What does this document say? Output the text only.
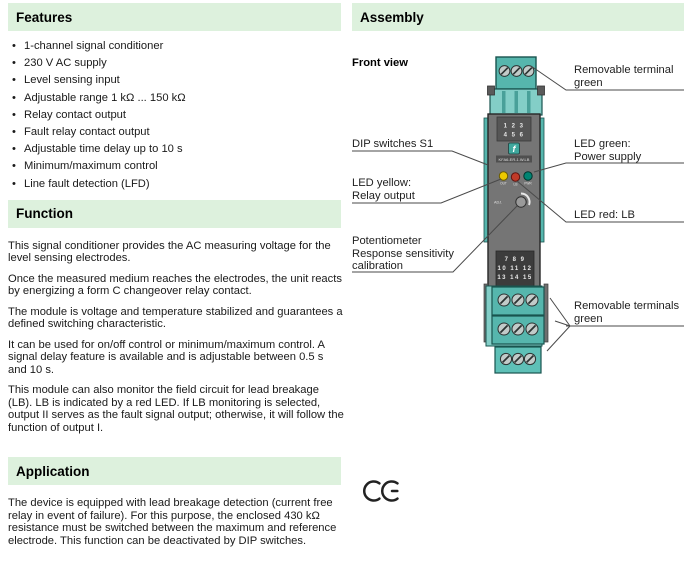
Features
• 1-channel signal conditioner
• 230 V AC supply
• Level sensing input
• Adjustable range 1 kΩ ... 150 kΩ
• Relay contact output
• Fault relay contact output
• Adjustable time delay up to 10 s
• Minimum/maximum control
• Line fault detection (LFD)
Function

This signal conditioner provides the AC measuring voltage for the level sensing electrodes.

Once the measured medium reaches the electrodes, the unit reacts by energizing a form C changeover relay contact.

The module is voltage and temperature stabilized and guarantees a defined switching characteristic.

It can be used for on/off control or minimum/maximum control. A signal delay feature is available and is adjustable between 0.5 s and 10 s.

This module can also monitor the field circuit for lead breakage (LB). LB is indicated by a red LED. If LB monitoring is selected, output II serves as the fault signal output; otherwise, it will follow the function of output I.

Application

The device is equipped with lead breakage detection (current free relay in event of failure). For this purpose, the enclosed 430 kΩ resistance must be switched between the maximum and reference electrode. This function can be deactivated by DIP switches.

Assembly
Front view
1 2 3
4 5 6
f
KFA6-ER-1.W.LB
OUT LB PWR
ADJ.
7 8 9
10 11 12
13 14 15
Removable terminal
green
DIP switches S1	LED green:
Power supply
LED yellow:
Relay output
LED red: LB
Potentiometer
Response sensitivity
calibration
Removable terminals
green
